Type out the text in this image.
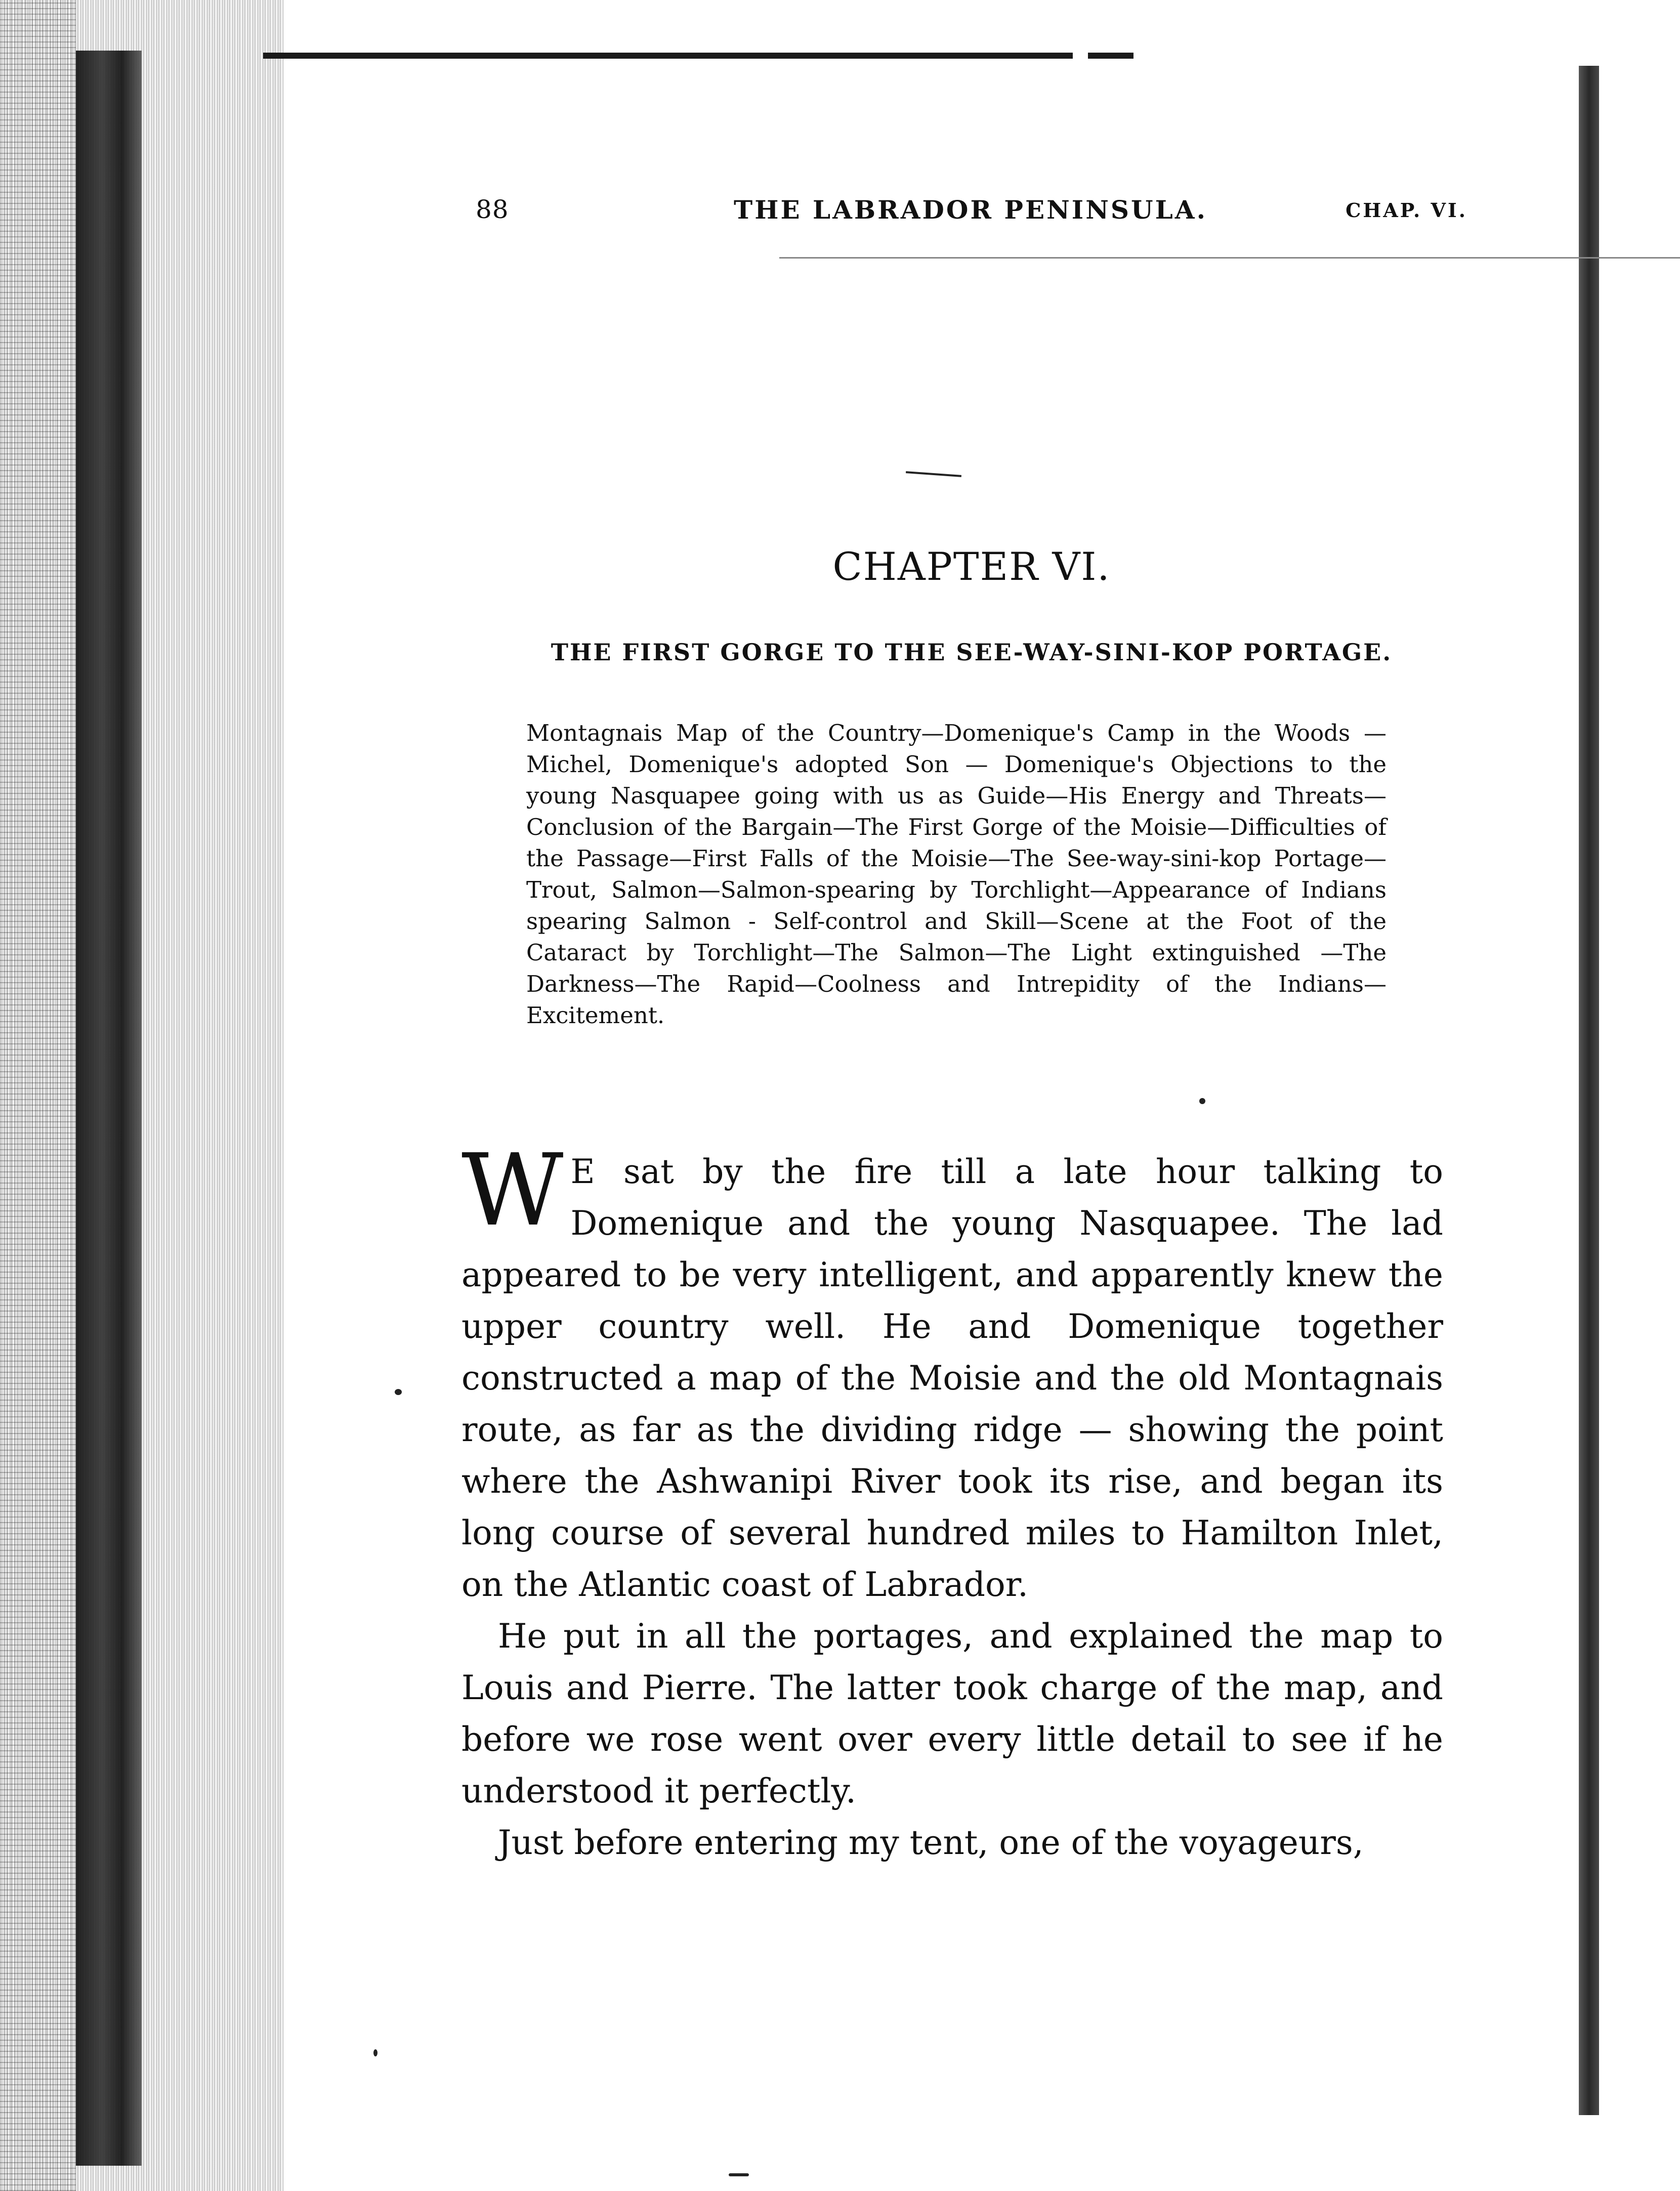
88	THE LABRADOR PENINSULA.	CHAP. VI.
CHAPTER VI.
THE FIRST GORGE TO THE SEE-WAY-SINI-KOP PORTAGE.
Montagnais Map of the Country—Domenique's Camp in the Woods — Michel, Domenique's adopted Son — Domenique's Objections to the young Nasquapee going with us as Guide—His Energy and Threats—Conclusion of the Bargain—The First Gorge of the Moisie—Difficulties of the Passage—First Falls of the Moisie—The See-way-sini-kop Portage—Trout, Salmon—Salmon-spearing by Torchlight—Appearance of Indians spearing Salmon - Self-control and Skill—Scene at the Foot of the Cataract by Torchlight—The Salmon—The Light extinguished —The Darkness—The Rapid—Coolness and Intrepidity of the Indians—Excitement.

W E sat by the fire till a late hour talking to Domenique and the young Nasquapee. The lad appeared to be very intelligent, and apparently knew the upper country well. He and Domenique together constructed a map of the Moisie and the old Montagnais route, as far as the dividing ridge — showing the point where the Ashwanipi River took its rise, and began its long course of several hundred miles to Hamilton Inlet, on the Atlantic coast of Labrador.

He put in all the portages, and explained the map to Louis and Pierre. The latter took charge of the map, and before we rose went over every little detail to see if he understood it perfectly.

Just before entering my tent, one of the voyageurs,
